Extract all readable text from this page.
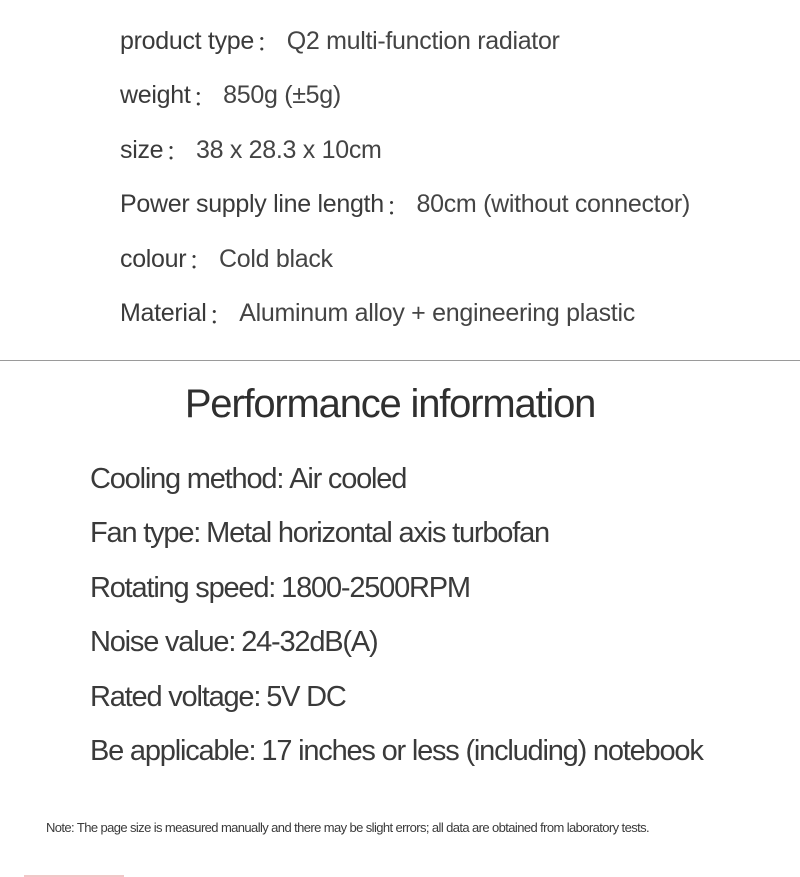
product type ： Q2 multi-function radiator
weight ： 850g (±5g)
size ： 38 x 28.3 x 10cm
Power supply line length ： 80cm (without connector)
colour ： Cold black
Material ： Aluminum alloy + engineering plastic
Performance information
Cooling method: Air cooled
Fan type: Metal horizontal axis turbofan
Rotating speed: 1800-2500RPM
Noise value: 24-32dB(A)
Rated voltage: 5V DC
Be applicable: 17 inches or less (including) notebook
Note: The page size is measured manually and there may be slight errors; all data are obtained from laboratory tests.
